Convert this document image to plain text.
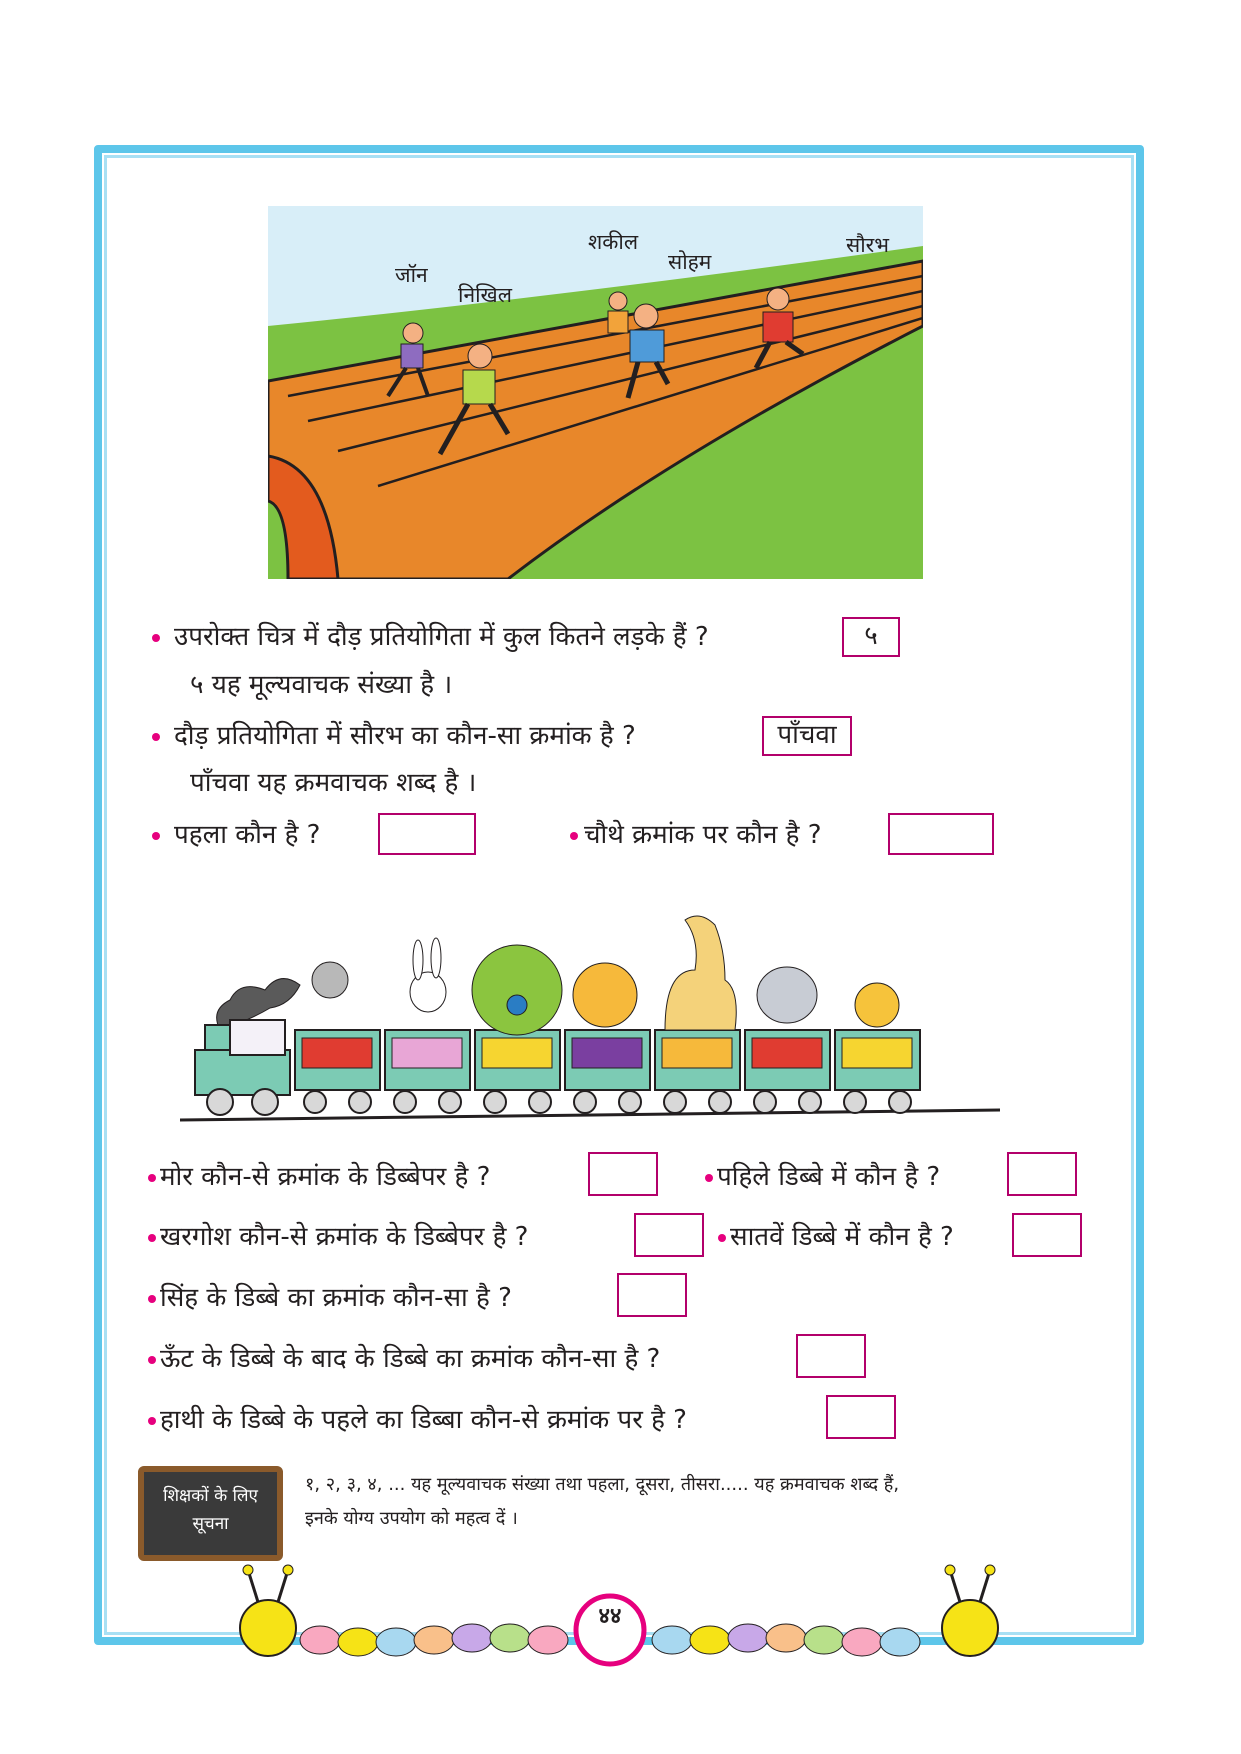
जॉन
निखिल
शकील
सोहम
सौरभ
उपरोक्त चित्र में दौड़ प्रतियोगिता में कुल कितने लड़के हैं ?	५
५ यह मूल्यवाचक संख्या है ।
दौड़ प्रतियोगिता में सौरभ का कौन-सा क्रमांक है ?	पाँचवा
पाँचवा यह क्रमवाचक शब्द है ।
पहला कौन है ?	चौथे क्रमांक पर कौन है ?
मोर कौन-से क्रमांक के डिब्बेपर है ?	पहिले डिब्बे में कौन है ?
खरगोश कौन-से क्रमांक के डिब्बेपर है ?	सातवें डिब्बे में कौन है ?
सिंह के डिब्बे का क्रमांक कौन-सा है ?
ऊँट के डिब्बे के बाद के डिब्बे का क्रमांक कौन-सा है ?
हाथी के डिब्बे के पहले का डिब्बा कौन-से क्रमांक पर है ?
शिक्षकों के लिए
सूचना
१, २, ३, ४, ... यह मूल्यवाचक संख्या तथा पहला, दूसरा, तीसरा..... यह क्रमवाचक शब्द हैं,
इनके योग्य उपयोग को महत्व दें ।
४४
